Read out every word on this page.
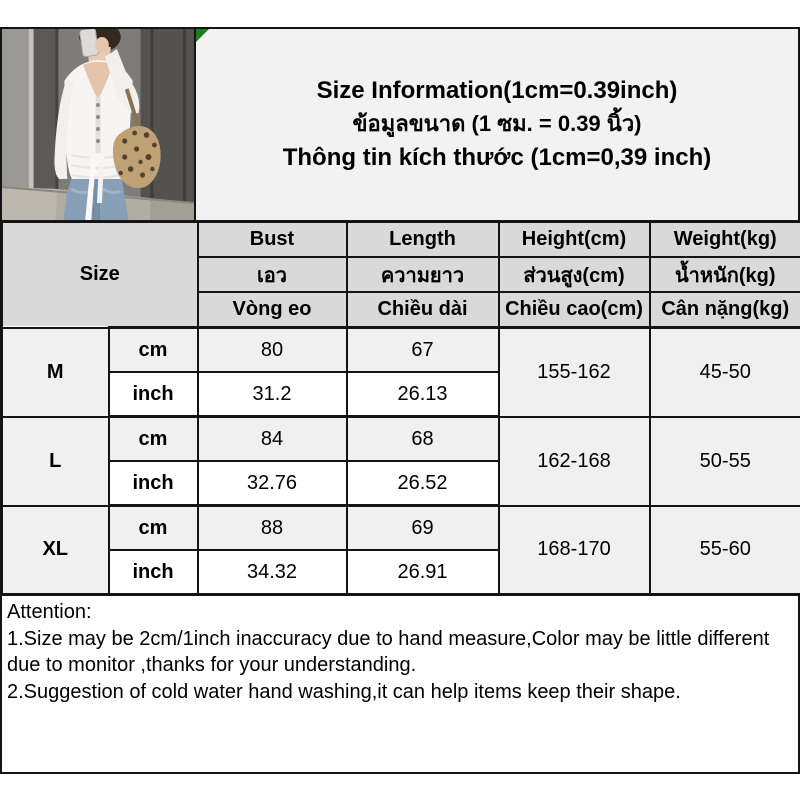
Size Information(1cm=0.39inch)
ข้อมูลขนาด (1 ซม. = 0.39 นิ้ว)
Thông tin kích thước (1cm=0,39 inch)
Size		Bust	Length	Height(cm)	Weight(kg)
		เอว	ความยาว	ส่วนสูง(cm)	น้ำหนัก(kg)
		Vòng eo	Chiều dài	Chiều cao(cm)	Cân nặng(kg)
M	cm	80	67	155-162	45-50
	inch	31.2	26.13		
L	cm	84	68	162-168	50-55
	inch	32.76	26.52		
XL	cm	88	69	168-170	55-60
	inch	34.32	26.91		

Attention:

1.Size may be 2cm/1inch inaccuracy due to hand measure,Color may be little different due to monitor ,thanks for your understanding.

2.Suggestion of cold water hand washing,it can help items keep their shape.
